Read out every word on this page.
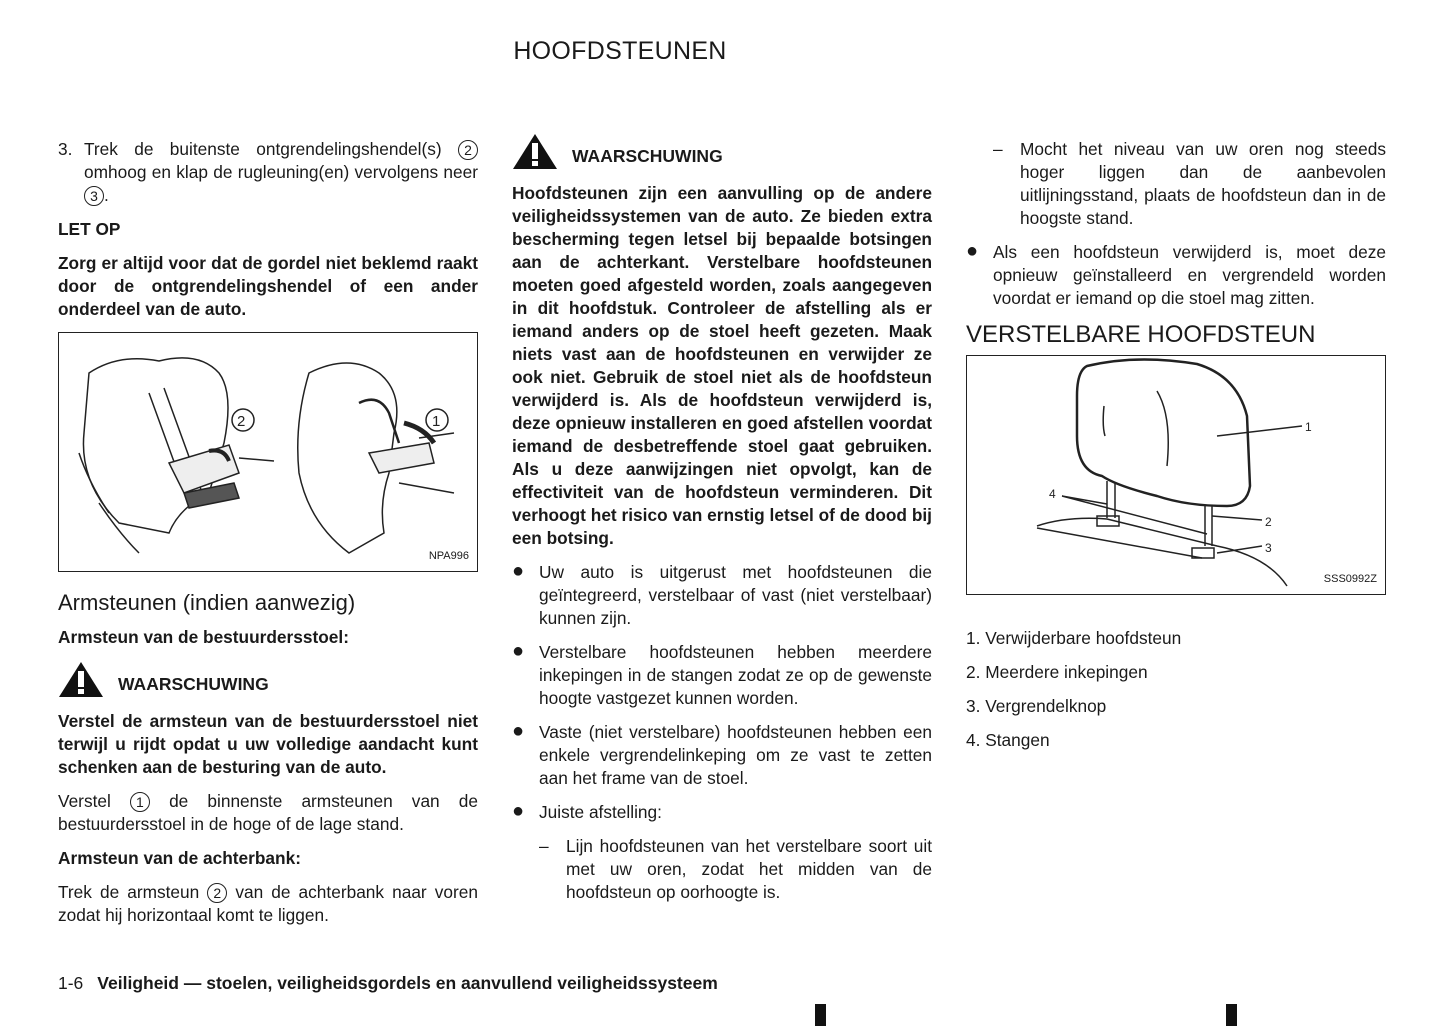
HOOFDSTEUNEN
3. Trek de buitenste ontgrendelingshendel(s) 2 omhoog en klap de rugleuning(en) vervolgens neer 3 .

LET OP

Zorg er altijd voor dat de gordel niet beklemd raakt door de ontgrendelingshendel of een ander onderdeel van de auto.

2	1
NPA996
Armsteunen (indien aanwezig)

Armsteun van de bestuurdersstoel:

WAARSCHUWING

Verstel de armsteun van de bestuurdersstoel niet terwijl u rijdt opdat u uw volledige aandacht kunt schenken aan de besturing van de auto.

Verstel 1 de binnenste armsteunen van de bestuurdersstoel in de hoge of de lage stand.

Armsteun van de achterbank:

Trek de armsteun 2 van de achterbank naar voren zodat hij horizontaal komt te liggen.

WAARSCHUWING

Hoofdsteunen zijn een aanvulling op de andere veiligheidssystemen van de auto. Ze bieden extra bescherming tegen letsel bij bepaalde botsingen aan de achterkant. Verstelbare hoofdsteunen moeten goed afgesteld worden, zoals aangegeven in dit hoofdstuk. Controleer de afstelling als er iemand anders op de stoel heeft gezeten. Maak niets vast aan de hoofdsteunen en verwijder ze ook niet. Gebruik de stoel niet als de hoofdsteun verwijderd is. Als de hoofdsteun verwijderd is, deze opnieuw installeren en goed afstellen voordat iemand de desbetreffende stoel gaat gebruiken. Als u deze aanwijzingen niet opvolgt, kan de effectiviteit van de hoofdsteun verminderen. Dit verhoogt het risico van ernstig letsel of de dood bij een botsing.

● Uw auto is uitgerust met hoofdsteunen die geïntegreerd, verstelbaar of vast (niet verstelbaar) kunnen zijn.

● Verstelbare hoofdsteunen hebben meerdere inkepingen in de stangen zodat ze op de gewenste hoogte vastgezet kunnen worden.

● Vaste (niet verstelbare) hoofdsteunen hebben een enkele vergrendelinkeping om ze vast te zetten aan het frame van de stoel.

● Juiste afstelling:

–	Lijn hoofdsteunen van het verstelbare soort uit met uw oren, zodat het midden van de hoofdsteun op oorhoogte is.

–	Mocht het niveau van uw oren nog steeds hoger liggen dan de aanbevolen uitlijningsstand, plaats de hoofdsteun dan in de hoogste stand.

● Als een hoofdsteun verwijderd is, moet deze opnieuw geïnstalleerd en vergrendeld worden voordat er iemand op die stoel mag zitten.

VERSTELBARE HOOFDSTEUN
1
2
3
4
SSS0992Z
1. Verwijderbare hoofdsteun
2. Meerdere inkepingen
3. Vergrendelknop
4. Stangen
1-6 Veiligheid — stoelen, veiligheidsgordels en aanvullend veiligheidssysteem
